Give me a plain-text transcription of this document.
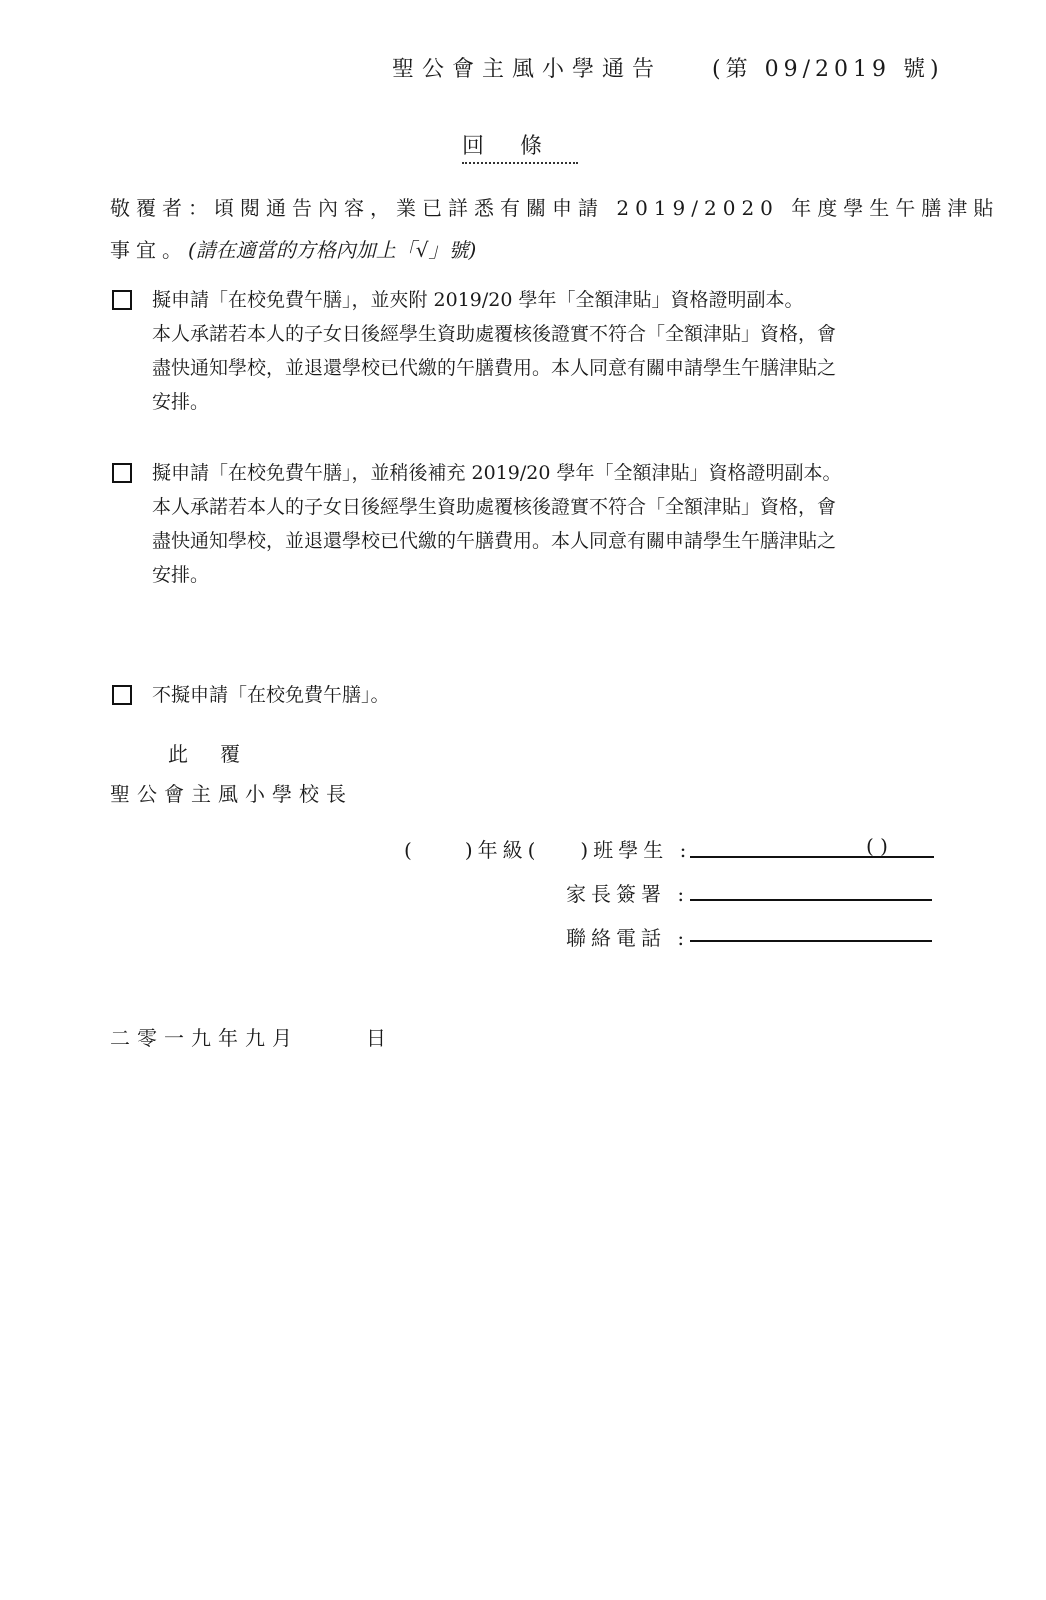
聖公會主風小學通告 (第 09/2019 號)
回條
敬覆者：頃閱通告內容，業已詳悉有關申請 2019/2020 年度學生午膳津貼
事宜。(請在適當的方格內加上「√」號)
擬申請「在校免費午膳」，並夾附 2019/20 學年「全額津貼」資格證明副本。
本人承諾若本人的子女日後經學生資助處覆核後證實不符合「全額津貼」資格，會
盡快通知學校，並退還學校已代繳的午膳費用。本人同意有關申請學生午膳津貼之
安排。
擬申請「在校免費午膳」，並稍後補充 2019/20 學年「全額津貼」資格證明副本。
本人承諾若本人的子女日後經學生資助處覆核後證實不符合「全額津貼」資格，會
盡快通知學校，並退還學校已代繳的午膳費用。本人同意有關申請學生午膳津貼之
安排。
不擬申請「在校免費午膳」。
此覆
聖公會主風小學校長
( )年級( )班學生 :	( )
家長簽署 :
聯絡電話 :
二零一九年九月	日
